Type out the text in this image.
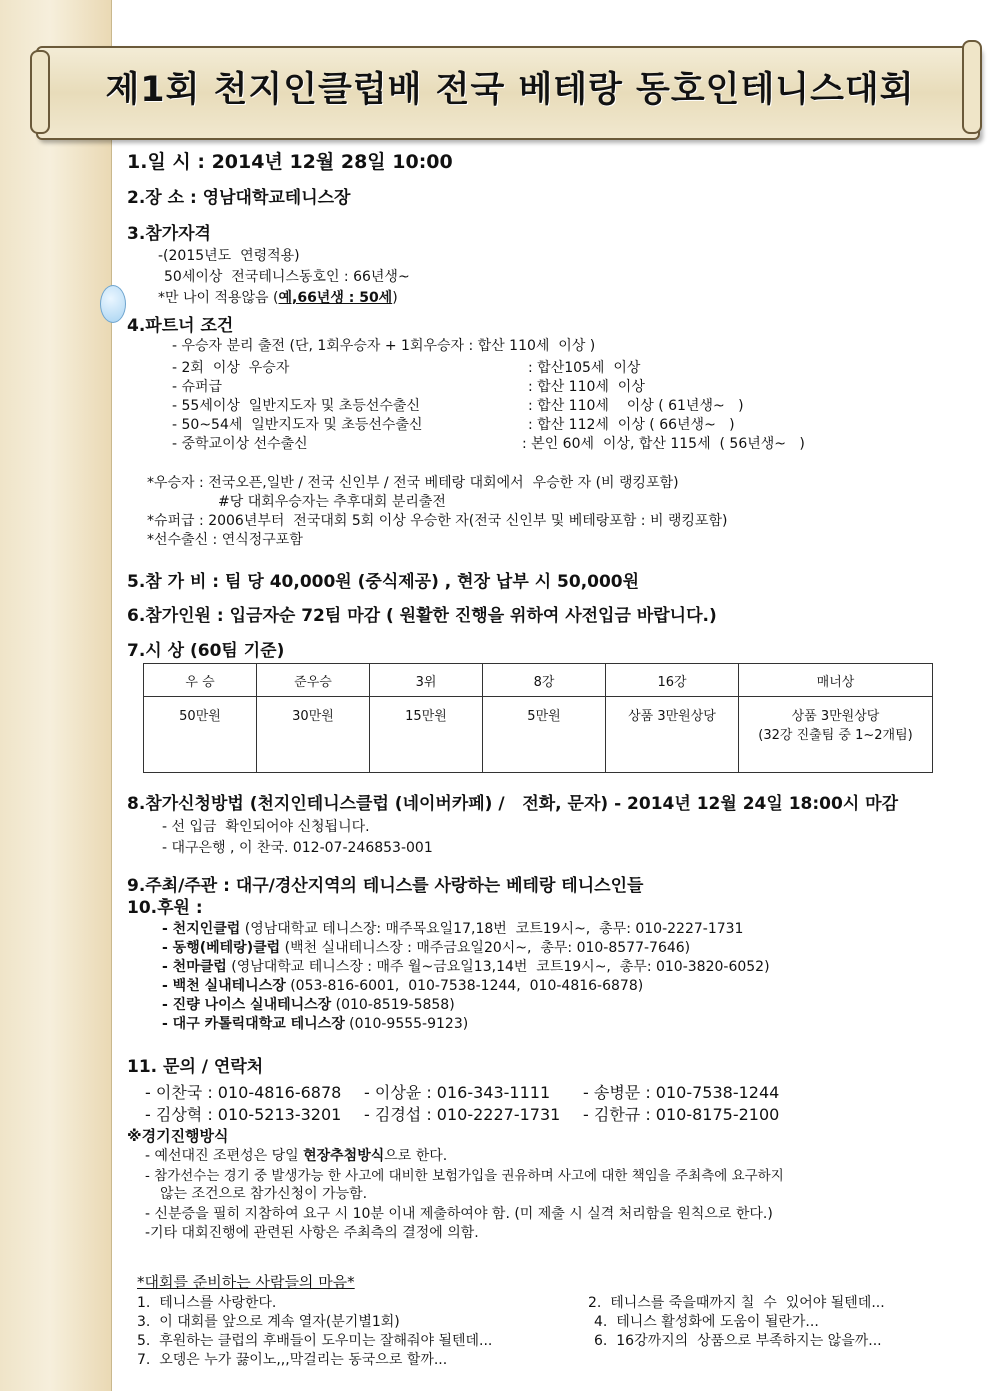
제1회 천지인클럽배 전국 베테랑 동호인테니스대회
1.일 시 : 2014년 12월 28일 10:00
2.장 소 : 영남대학교테니스장
3.참가자격
-(2015년도  연령적용)
50세이상  전국테니스동호인 : 66년생~
*만 나이 적용않음 (예,66년생 : 50세)
4.파트너 조건
- 우승자 분리 출전 (단, 1회우승자 + 1회우승자 : 합산 110세  이상 )
- 2회  이상  우승자	: 합산105세  이상
- 슈퍼급	: 합산 110세  이상
- 55세이상  일반지도자 및 초등선수출신	: 합산 110세    이상 ( 61년생~   )
- 50~54세  일반지도자 및 초등선수출신	: 합산 112세  이상 ( 66년생~   )
- 중학교이상 선수출신	: 본인 60세  이상, 합산 115세  ( 56년생~   )
*우승자 : 전국오픈,일반 / 전국 신인부 / 전국 베테랑 대회에서  우승한 자 (비 랭킹포함)
#당 대회우승자는 추후대회 분리출전
*슈퍼급 : 2006년부터  전국대회 5회 이상 우승한 자(전국 신인부 및 베테랑포함 : 비 랭킹포함)
*선수출신 : 연식정구포함
5.참 가 비 : 팀 당 40,000원 (중식제공) , 현장 납부 시 50,000원
6.참가인원 : 입금자순 72팀 마감 ( 원활한 진행을 위하여 사전입금 바랍니다.)
7.시 상 (60팀 기준)
우 승	준우승	3위	8강	16강	매너상
50만원	30만원	15만원	5만원	상품 3만원상당	상품 3만원상당
(32강 진출팀 중 1~2개팀)
8.참가신청방법 (천지인테니스클럽 (네이버카페) /   전화, 문자) - 2014년 12월 24일 18:00시 마감
- 선 입금  확인되어야 신청됩니다.
- 대구은행 , 이 찬국. 012-07-246853-001
9.주최/주관 : 대구/경산지역의 테니스를 사랑하는 베테랑 테니스인들
10.후원 :
- 천지인클럽 (영남대학교 테니스장: 매주목요일17,18번  코트19시~,  총무: 010-2227-1731
- 동행(베테랑)클럽 (백천 실내테니스장 : 매주금요일20시~,  총무: 010-8577-7646)
- 천마클럽 (영남대학교 테니스장 : 매주 월~금요일13,14번  코트19시~,  총무: 010-3820-6052)
- 백천 실내테니스장 (053-816-6001,  010-7538-1244,  010-4816-6878)
- 진량 나이스 실내테니스장 (010-8519-5858)
- 대구 카톨릭대학교 테니스장 (010-9555-9123)
11. 문의 / 연락처
- 이찬국 : 010-4816-6878 - 이상윤 : 016-343-1111 - 송병문 : 010-7538-1244
- 김상혁 : 010-5213-3201 - 김경섭 : 010-2227-1731 - 김한규 : 010-8175-2100
※경기진행방식
- 예선대진 조편성은 당일 현장추첨방식으로 한다.
- 참가선수는 경기 중 발생가능 한 사고에 대비한 보험가입을 권유하며 사고에 대한 책임을 주최측에 요구하지
않는 조건으로 참가신청이 가능함.
- 신분증을 필히 지참하여 요구 시 10분 이내 제출하여야 함. (미 제출 시 실격 처리함을 원칙으로 한다.)
-기타 대회진행에 관련된 사항은 주최측의 결정에 의함.
*대회를 준비하는 사람들의 마음*
1.  테니스를 사랑한다.
3.  이 대회를 앞으로 계속 열자(분기별1회)
5.  후원하는 클럽의 후배들이 도우미는 잘해줘야 될텐데...
7.  오뎅은 누가 끓이노,,,막걸리는 동국으로 할까...
2.  테니스를 죽을때까지 칠  수  있어야 될텐데...
4.  테니스 활성화에 도움이 될란가...
6.  16강까지의  상품으로 부족하지는 않을까...
